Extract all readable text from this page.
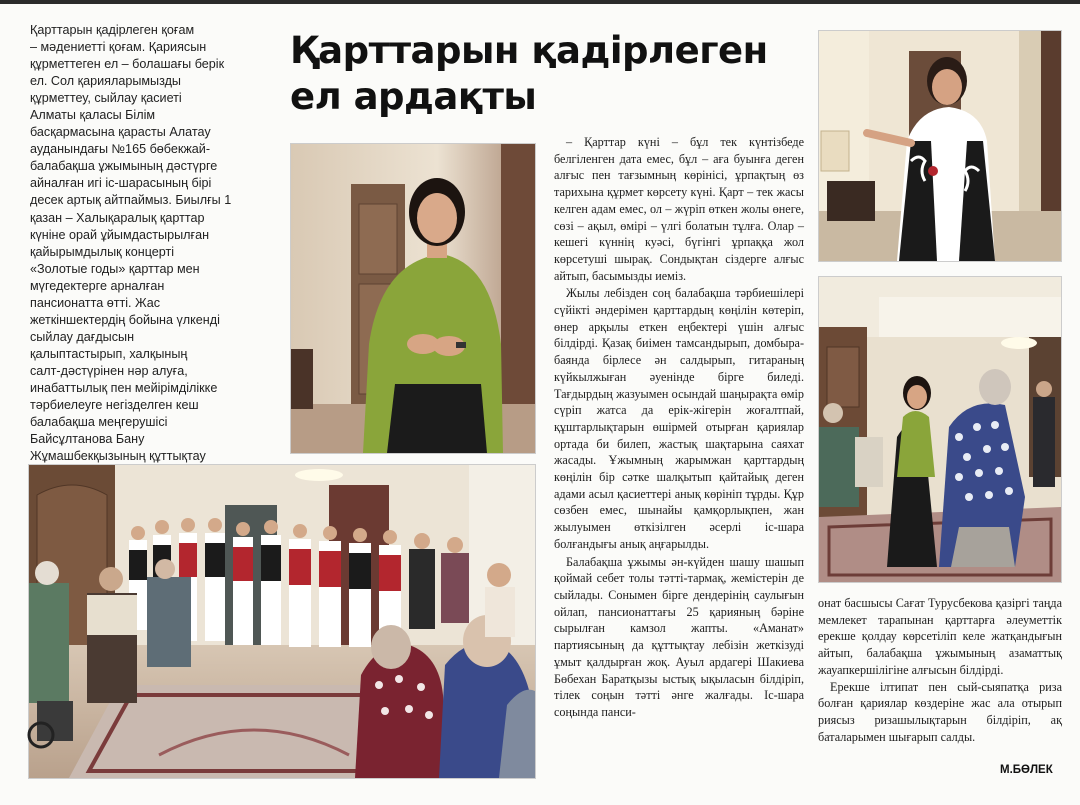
Қарттарын қадірлеген қоғам
– мәдениетті қоғам. Қариясын
құрметтеген ел – болашағы берік
ел. Сол қарияларымызды
құрметтеу, сыйлау қасиеті
Алматы қаласы Білім
басқармасына қарасты Алатау
ауданындағы №165 бөбекжай-
балабақша ұжымының дәстүрге
айналған игі іс-шарасының бірі
десек артық айтпаймыз. Биылғы 1
қазан – Халықаралық қарттар
күніне орай ұйымдастырылған
қайырымдылық концерті
«Золотые годы» қарттар мен
мүгедектерге арналған
пансионатта өтті. Жас
жеткіншектердің бойына үлкенді
сыйлау дағдысын
қалыптастырып, халқының
салт-дәстүрінен нәр алуға,
инабаттылық пен мейірімділікке
тәрбиелеуге негізделген кеш
балабақша меңгерушісі
Байсұлтанова Бану
Жұмашбекқызының құттықтау
Қарттарын қадірлеген
ел ардақты

– Қарттар күні – бұл тек күнтізбеде белгіленген дата емес, бұл – аға буынға деген алғыс пен тағзымның көрінісі, ұрпақтың өз тарихына құрмет көрсету күні. Қарт – тек жасы келген адам емес, ол – жүріп өткен жолы өнеге, сөзі – ақыл, өмірі – үлгі болатын тұлға. Олар – кешегі күннің куәсі, бүгінгі ұрпаққа жол көрсетуші шырақ. Сондықтан сіздерге алғыс айтып, басымызды иеміз.

Жылы лебізден соң балабақша тәрбиешілері сүйікті әндерімен қарттардың көңілін көтеріп, өнер арқылы еткен еңбектері үшін алғыс білдірді. Қазақ биімен тамсандырып, домбыра-баянда бірлесе ән салдырып, гитараның күйкылжыған әуенінде бірге биледі. Тағдырдың жазуымен осындай шаңырақта өмір сүріп жатса да ерік-жігерін жоғалтпай, құштарлықтарын өшірмей отырған қариялар ортада би билеп, жастық шақтарына саяхат жасады. Ұжымның жарымжан қарттардың көңілін бір сәтке шалқытып қайтайық деген адами асыл қасиеттері анық көрініп тұрды. Құр сөзбен емес, шынайы қамқорлықпен, жан жылуымен өткізілген әсерлі іс-шара болғандығы анық аңғарылды.

Балабақша ұжымы ән-күйден шашу шашып қоймай себет толы тәтті-тармақ, жемістерін де сыйлады. Сонымен бірге дендерінің саулығын ойлап, пансионаттағы 25 қарияның бәріне сырылған камзол жапты. «Аманат» партиясының да құттықтау лебізін жеткізуді ұмыт қалдырған жоқ. Ауыл ардагері Шакиева Бөбехан Бaратқызы ыстық ықыласын білдіріп, тілек соңын тәтті әнге жалғады. Іс-шара соңында панси-

онат басшысы Сағат Турусбекова қазіргі таңда мемлекет тарапынан қарттарға әлеуметтік ерекше қолдау көрсетіліп келе жатқандығын айтып, балабақша ұжымының азаматтық жауапкершілігіне алғысын білдірді.

Ерекше ілтипат пен сый-сыяпатқа риза болған қариялар көздеріне жас ала отырып риясыз ризашылықтарын білдіріп, ақ баталарымен шығарып салды.

М.БӨЛЕК
